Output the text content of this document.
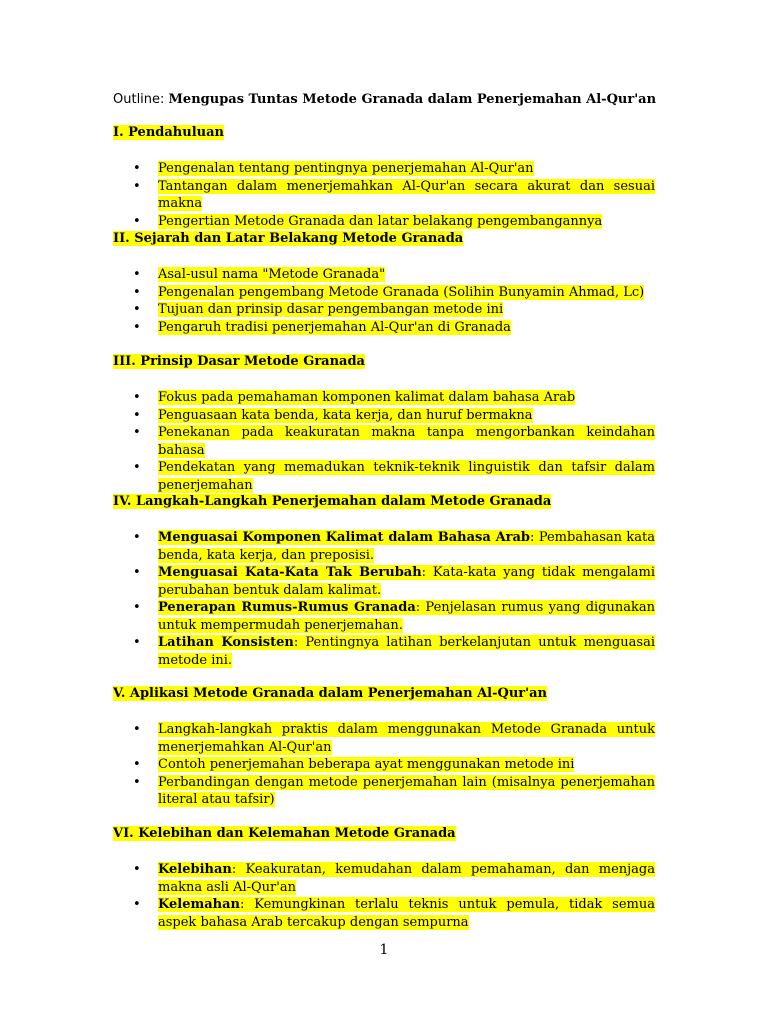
Outline: Mengupas Tuntas Metode Granada dalam Penerjemahan Al-Qur'an

I. Pendahuluan

• Pengenalan tentang pentingnya penerjemahan Al-Qur'an
• Tantangan dalam menerjemahkan Al-Qur'an secara akurat dan sesuai makna
• Pengertian Metode Granada dan latar belakang pengembangannya

II. Sejarah dan Latar Belakang Metode Granada

• Asal-usul nama "Metode Granada"
• Pengenalan pengembang Metode Granada (Solihin Bunyamin Ahmad, Lc)
• Tujuan dan prinsip dasar pengembangan metode ini
• Pengaruh tradisi penerjemahan Al-Qur'an di Granada

III. Prinsip Dasar Metode Granada

• Fokus pada pemahaman komponen kalimat dalam bahasa Arab
• Penguasaan kata benda, kata kerja, dan huruf bermakna
• Penekanan pada keakuratan makna tanpa mengorbankan keindahan bahasa
• Pendekatan yang memadukan teknik-teknik linguistik dan tafsir dalam penerjemahan

IV. Langkah-Langkah Penerjemahan dalam Metode Granada

• Menguasai Komponen Kalimat dalam Bahasa Arab: Pembahasan kata benda, kata kerja, dan preposisi.
• Menguasai Kata-Kata Tak Berubah: Kata-kata yang tidak mengalami perubahan bentuk dalam kalimat.
• Penerapan Rumus-Rumus Granada: Penjelasan rumus yang digunakan untuk mempermudah penerjemahan.
• Latihan Konsisten: Pentingnya latihan berkelanjutan untuk menguasai metode ini.

V. Aplikasi Metode Granada dalam Penerjemahan Al-Qur'an

• Langkah-langkah praktis dalam menggunakan Metode Granada untuk menerjemahkan Al-Qur'an
• Contoh penerjemahan beberapa ayat menggunakan metode ini
• Perbandingan dengan metode penerjemahan lain (misalnya penerjemahan literal atau tafsir)

VI. Kelebihan dan Kelemahan Metode Granada

• Kelebihan: Keakuratan, kemudahan dalam pemahaman, dan menjaga makna asli Al-Qur'an
• Kelemahan: Kemungkinan terlalu teknis untuk pemula, tidak semua aspek bahasa Arab tercakup dengan sempurna
1
